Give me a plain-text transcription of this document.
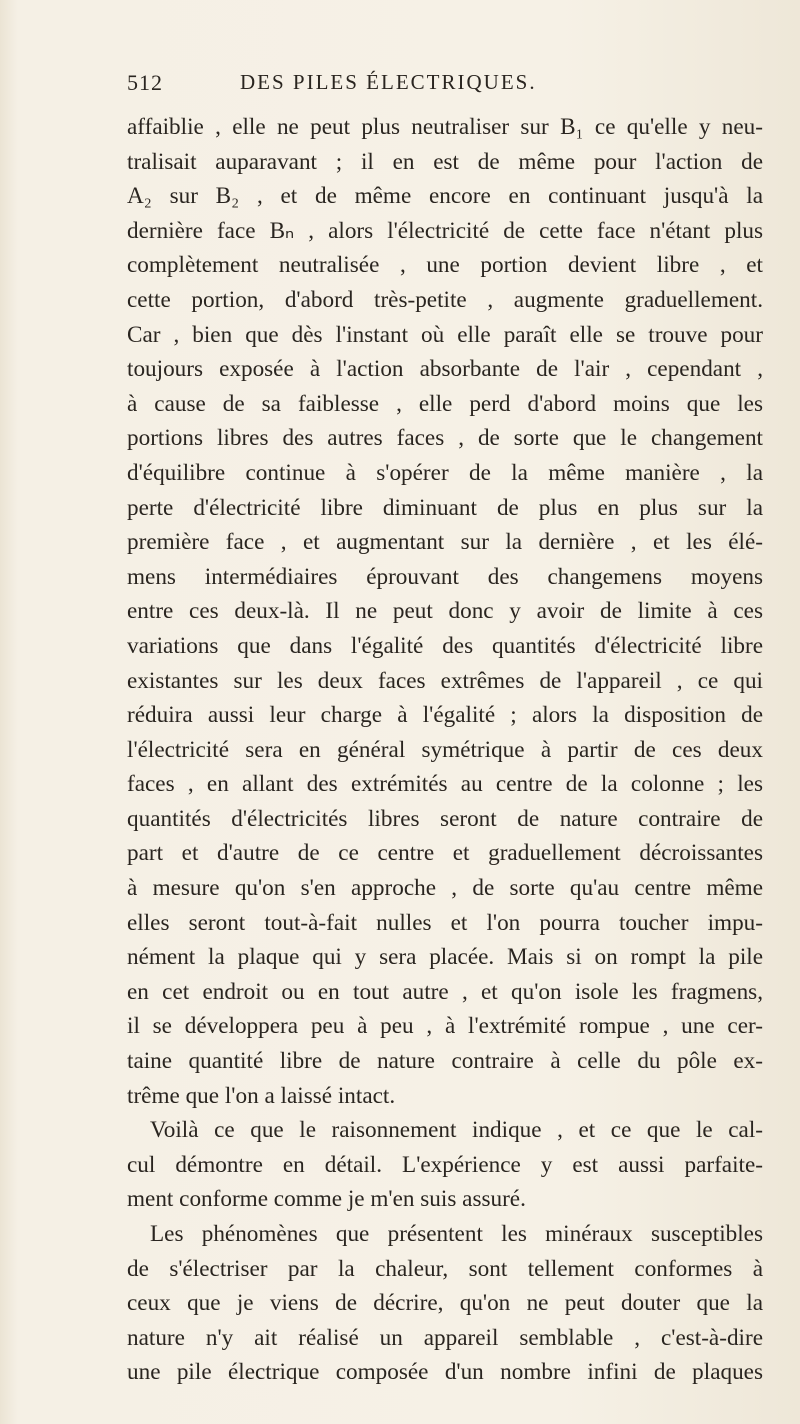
512	DES PILES ÉLECTRIQUES.
affaiblie , elle ne peut plus neutraliser sur B₁ ce qu'elle y neu-
tralisait auparavant ; il en est de même pour l'action de
A₂ sur B₂ , et de même encore en continuant jusqu'à la
dernière face Bₙ , alors l'électricité de cette face n'étant plus
complètement neutralisée , une portion devient libre , et
cette portion, d'abord très-petite , augmente graduellement.
Car , bien que dès l'instant où elle paraît elle se trouve pour
toujours exposée à l'action absorbante de l'air , cependant ,
à cause de sa faiblesse , elle perd d'abord moins que les
portions libres des autres faces , de sorte que le changement
d'équilibre continue à s'opérer de la même manière , la
perte d'électricité libre diminuant de plus en plus sur la
première face , et augmentant sur la dernière , et les élé-
mens intermédiaires éprouvant des changemens moyens
entre ces deux-là. Il ne peut donc y avoir de limite à ces
variations que dans l'égalité des quantités d'électricité libre
existantes sur les deux faces extrêmes de l'appareil , ce qui
réduira aussi leur charge à l'égalité ; alors la disposition de
l'électricité sera en général symétrique à partir de ces deux
faces , en allant des extrémités au centre de la colonne ; les
quantités d'électricités libres seront de nature contraire de
part et d'autre de ce centre et graduellement décroissantes
à mesure qu'on s'en approche , de sorte qu'au centre même
elles seront tout-à-fait nulles et l'on pourra toucher impu-
nément la plaque qui y sera placée. Mais si on rompt la pile
en cet endroit ou en tout autre , et qu'on isole les fragmens,
il se développera peu à peu , à l'extrémité rompue , une cer-
taine quantité libre de nature contraire à celle du pôle ex-
trême que l'on a laissé intact.
Voilà ce que le raisonnement indique , et ce que le cal-
cul démontre en détail. L'expérience y est aussi parfaite-
ment conforme comme je m'en suis assuré.
Les phénomènes que présentent les minéraux susceptibles
de s'électriser par la chaleur, sont tellement conformes à
ceux que je viens de décrire, qu'on ne peut douter que la
nature n'y ait réalisé un appareil semblable , c'est-à-dire
une pile électrique composée d'un nombre infini de plaques
